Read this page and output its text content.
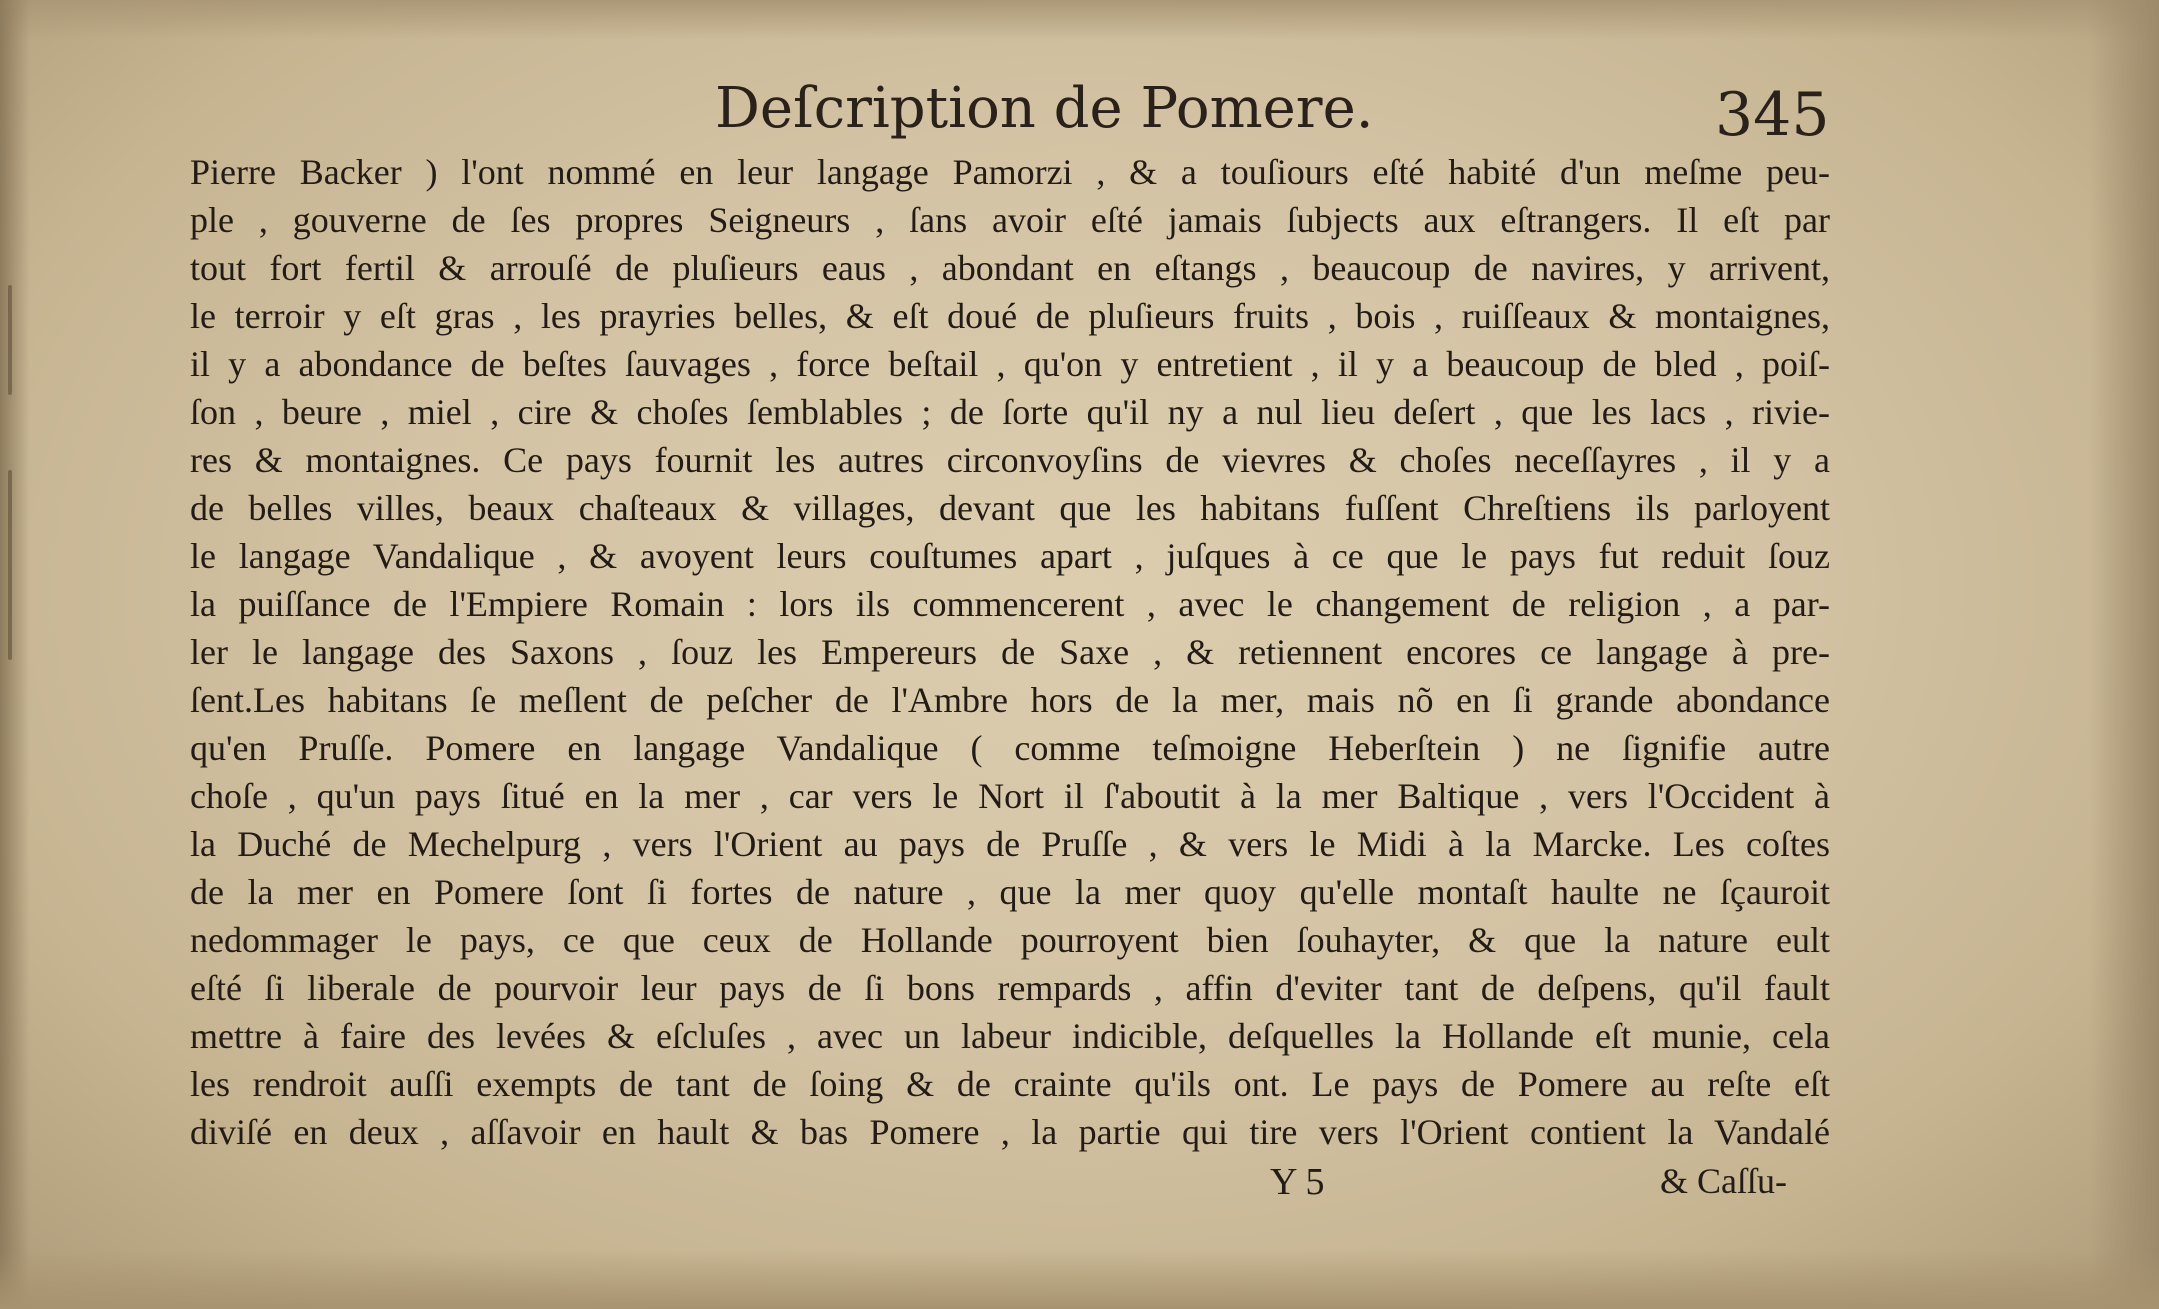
Deſcription de Pomere.	345
Pierre Backer ) l'ont nommé en leur langage Pamorzi , & a touſiours eſté habité d'un meſme peu-
ple , gouverne de ſes propres Seigneurs , ſans avoir eſté jamais ſubjects aux eſtrangers. Il eſt par
tout fort fertil & arrouſé de pluſieurs eaus , abondant en eſtangs , beaucoup de navires, y arrivent,
le terroir y eſt gras , les prayries belles, & eſt doué de pluſieurs fruits , bois , ruiſſeaux & montaignes,
il y a abondance de beſtes ſauvages , force beſtail , qu'on y entretient , il y a beaucoup de bled , poiſ-
ſon , beure , miel , cire & choſes ſemblables ; de ſorte qu'il ny a nul lieu deſert , que les lacs , rivie-
res & montaignes. Ce pays fournit les autres circonvoyſins de vievres & choſes neceſſayres , il y a
de belles villes, beaux chaſteaux & villages, devant que les habitans fuſſent Chreſtiens ils parloyent
le langage Vandalique , & avoyent leurs couſtumes apart , juſques à ce que le pays fut reduit ſouz
la puiſſance de l'Empiere Romain : lors ils commencerent , avec le changement de religion , a par-
ler le langage des Saxons , ſouz les Empereurs de Saxe , & retiennent encores ce langage à pre-
ſent.Les habitans ſe meſlent de peſcher de l'Ambre hors de la mer, mais nõ en ſi grande abondance
qu'en Pruſſe. Pomere en langage Vandalique ( comme teſmoigne Heberſtein ) ne ſignifie autre
choſe , qu'un pays ſitué en la mer , car vers le Nort il ſ'aboutit à la mer Baltique , vers l'Occident à
la Duché de Mechelpurg , vers l'Orient au pays de Pruſſe , & vers le Midi à la Marcke. Les coſtes
de la mer en Pomere ſont ſi fortes de nature , que la mer quoy qu'elle montaſt haulte ne ſçauroit
nedommager le pays, ce que ceux de Hollande pourroyent bien ſouhayter, & que la nature eult
eſté ſi liberale de pourvoir leur pays de ſi bons rempards , affin d'eviter tant de deſpens, qu'il fault
mettre à faire des levées & eſcluſes , avec un labeur indicible, deſquelles la Hollande eſt munie, cela
les rendroit auſſi exempts de tant de ſoing & de crainte qu'ils ont. Le pays de Pomere au reſte eſt
diviſé en deux , aſſavoir en hault & bas Pomere , la partie qui tire vers l'Orient contient la Vandalé
Y 5	& Caſſu-
